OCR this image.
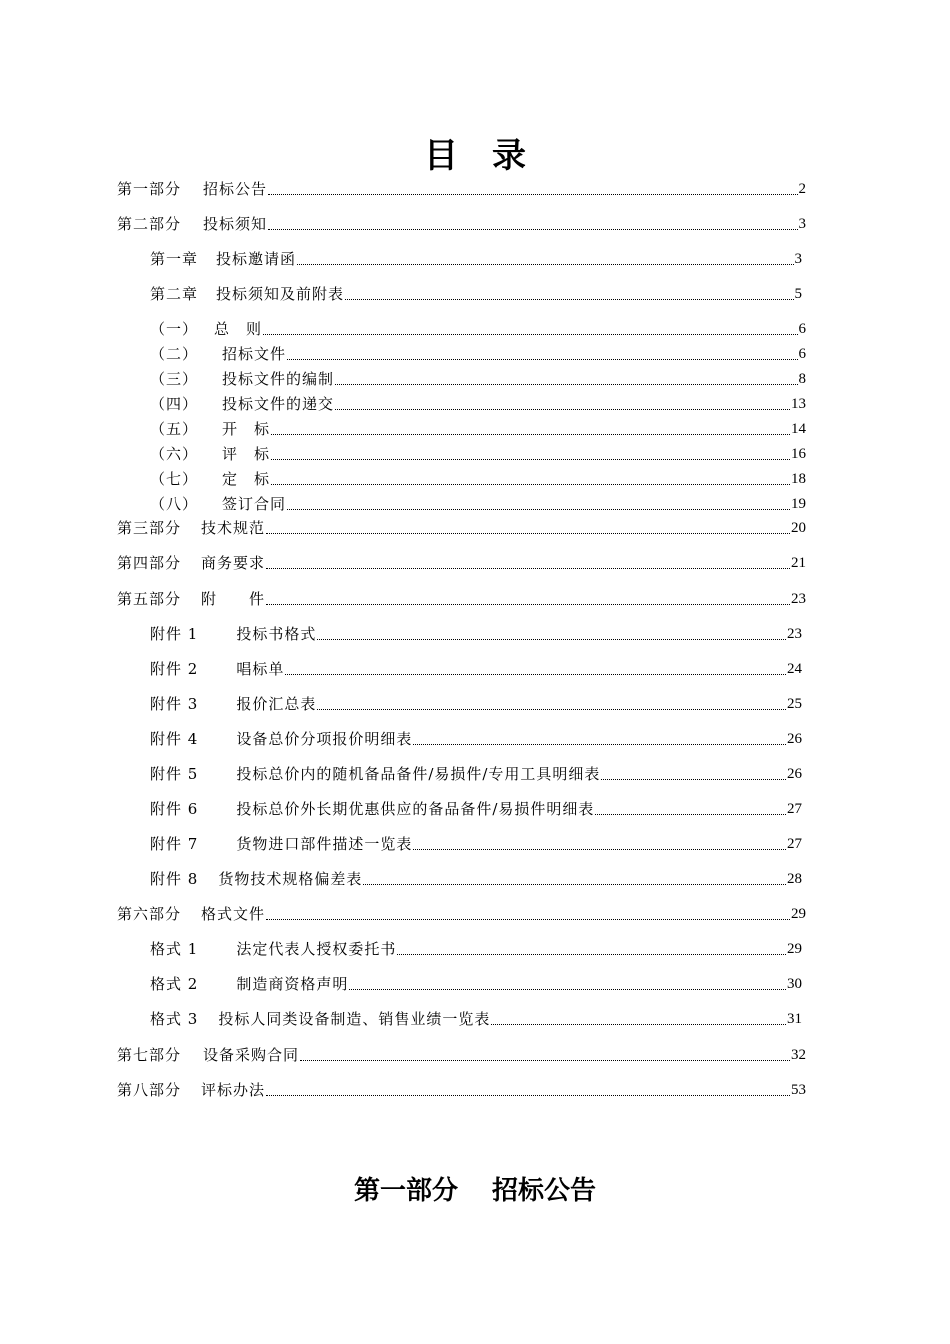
目 录
第一部分 招标公告	2
第二部分 投标须知	3
第一章 投标邀请函	3
第二章 投标须知及前附表	5
（一） 总　则	6
（二） 招标文件	6
（三） 投标文件的编制	8
（四） 投标文件的递交	13
（五） 开　标	14
（六） 评　标	16
（七） 定　标	18
（八） 签订合同	19
第三部分 技术规范	20
第四部分 商务要求	21
第五部分 附　　件	23
附件 1	投标书格式	23
附件 2	唱标单	24
附件 3	报价汇总表	25
附件 4	设备总价分项报价明细表	26
附件 5	投标总价内的随机备品备件/易损件/专用工具明细表	26
附件 6	投标总价外长期优惠供应的备品备件/易损件明细表	27
附件 7	货物进口部件描述一览表	27
附件 8 货物技术规格偏差表	28
第六部分 格式文件	29
格式 1	法定代表人授权委托书	29
格式 2	制造商资格声明	30
格式 3 投标人同类设备制造、销售业绩一览表	31
第七部分 设备采购合同	32
第八部分 评标办法	53
第一部分 招标公告
